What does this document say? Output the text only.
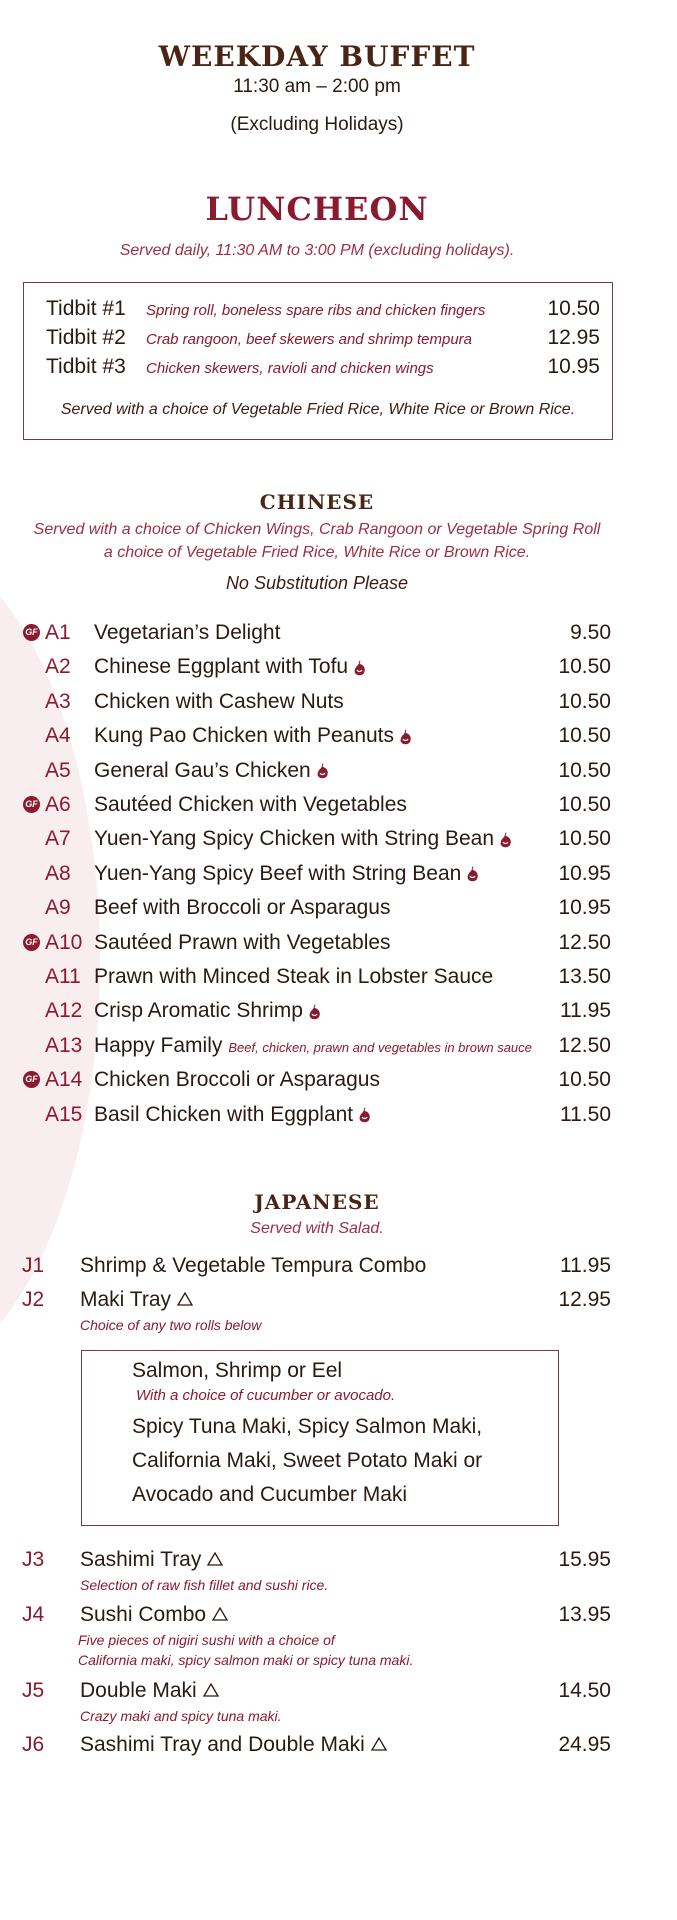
WEEKDAY BUFFET
11:30 am – 2:00 pm
(Excluding Holidays)
LUNCHEON
Served daily, 11:30 AM to 3:00 PM (excluding holidays).
Tidbit #1 Spring roll, boneless spare ribs and chicken fingers	10.50
Tidbit #2 Crab rangoon, beef skewers and shrimp tempura	12.95
Tidbit #3 Chicken skewers, ravioli and chicken wings	10.95
Served with a choice of Vegetable Fried Rice, White Rice or Brown Rice.
CHINESE
Served with a choice of Chicken Wings, Crab Rangoon or Vegetable Spring Roll
a choice of Vegetable Fried Rice, White Rice or Brown Rice.
No Substitution Please
GF A1 Vegetarian’s Delight	9.50
A2 Chinese Eggplant with Tofu	10.50
A3 Chicken with Cashew Nuts	10.50
A4 Kung Pao Chicken with Peanuts	10.50
A5 General Gau’s Chicken	10.50
GF A6 Sautéed Chicken with Vegetables	10.50
A7 Yuen-Yang Spicy Chicken with String Bean	10.50
A8 Yuen-Yang Spicy Beef with String Bean	10.95
A9 Beef with Broccoli or Asparagus	10.95
GF A10 Sautéed Prawn with Vegetables	12.50
A11 Prawn with Minced Steak in Lobster Sauce	13.50
A12 Crisp Aromatic Shrimp	11.95
A13 Happy Family Beef, chicken, prawn and vegetables in brown sauce 12.50
GF A14 Chicken Broccoli or Asparagus	10.50
A15 Basil Chicken with Eggplant	11.50
JAPANESE
Served with Salad.
J1 Shrimp & Vegetable Tempura Combo	11.95
J2 Maki Tray	12.95
Choice of any two rolls below
Salmon, Shrimp or Eel
With a choice of cucumber or avocado.
Spicy Tuna Maki, Spicy Salmon Maki,
California Maki, Sweet Potato Maki or
Avocado and Cucumber Maki
J3 Sashimi Tray	15.95
Selection of raw fish fillet and sushi rice.
J4 Sushi Combo	13.95
Five pieces of nigiri sushi with a choice of
California maki, spicy salmon maki or spicy tuna maki.
J5 Double Maki	14.50
Crazy maki and spicy tuna maki.
J6 Sashimi Tray and Double Maki	24.95
